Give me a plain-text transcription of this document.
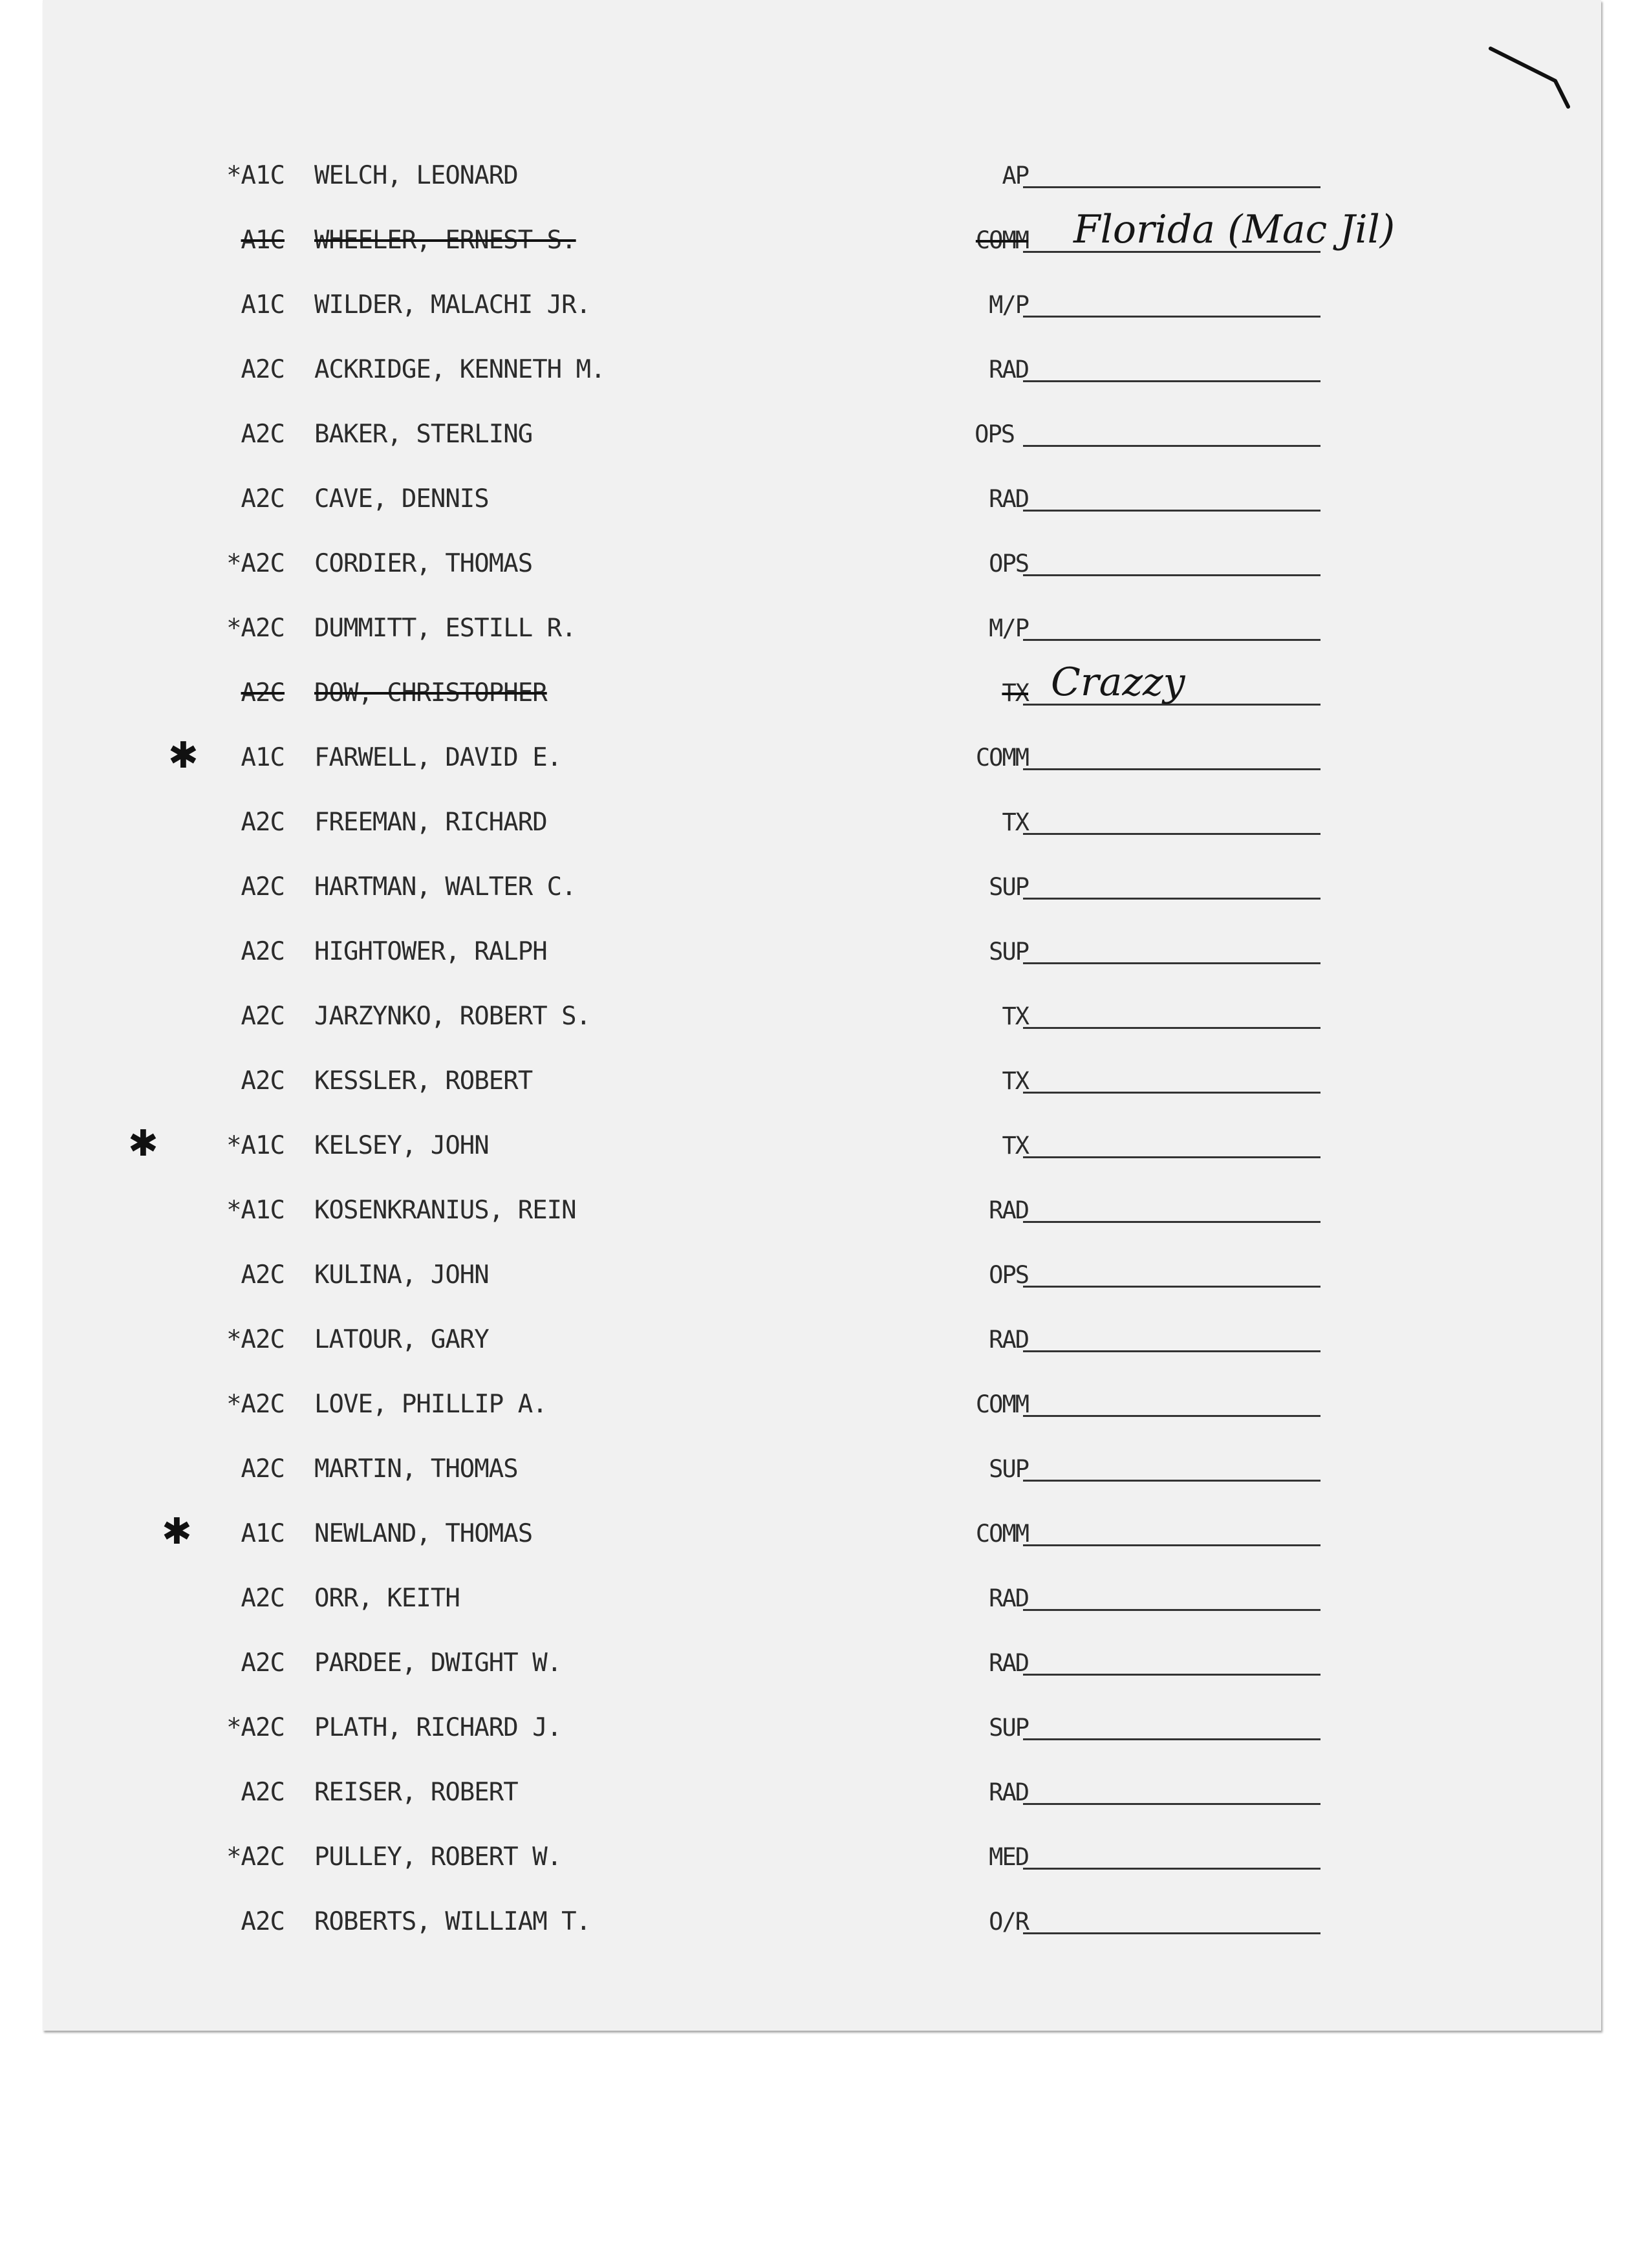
*A1C WELCH, LEONARD	AP
A1C WHEELER, ERNEST S.	COMM Florida (Mac Jil)
A1C WILDER, MALACHI JR.	M/P
A2C ACKRIDGE, KENNETH M.	RAD
A2C BAKER, STERLING	OPS
A2C CAVE, DENNIS	RAD
*A2C CORDIER, THOMAS	OPS
*A2C DUMMITT, ESTILL R.	M/P
A2C DOW, CHRISTOPHER	TX Crazzy
✱	A1C FARWELL, DAVID E.	COMM
A2C FREEMAN, RICHARD	TX
A2C HARTMAN, WALTER C.	SUP
A2C HIGHTOWER, RALPH	SUP
A2C JARZYNKO, ROBERT S.	TX
A2C KESSLER, ROBERT	TX
✱	*A1C KELSEY, JOHN	TX
*A1C KOSENKRANIUS, REIN	RAD
A2C KULINA, JOHN	OPS
*A2C LATOUR, GARY	RAD
*A2C LOVE, PHILLIP A.	COMM
A2C MARTIN, THOMAS	SUP
✱	A1C NEWLAND, THOMAS	COMM
A2C ORR, KEITH	RAD
A2C PARDEE, DWIGHT W.	RAD
*A2C PLATH, RICHARD J.	SUP
A2C REISER, ROBERT	RAD
*A2C PULLEY, ROBERT W.	MED
A2C ROBERTS, WILLIAM T.	O/R
